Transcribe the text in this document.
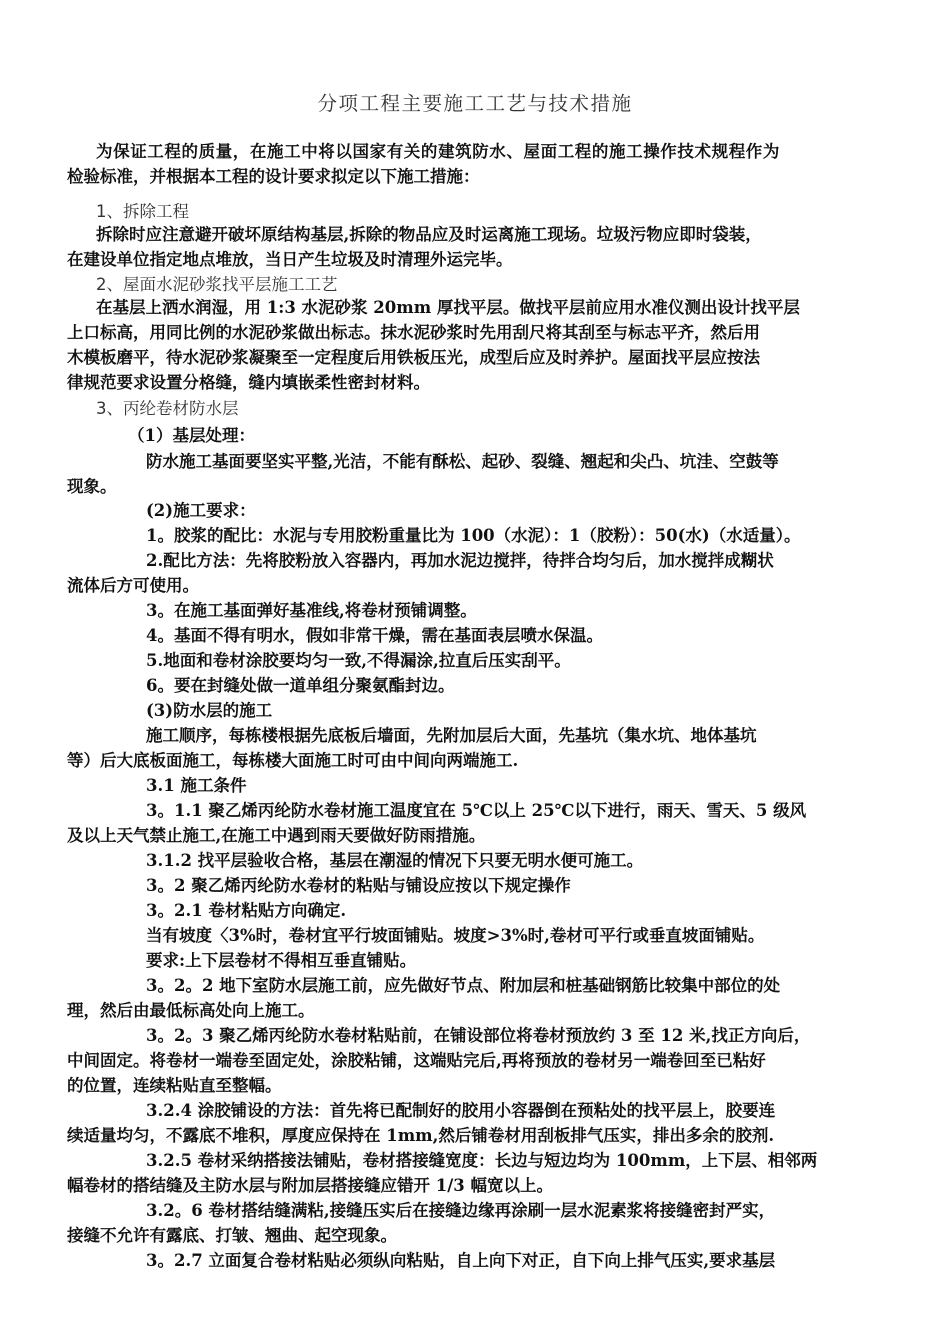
分项工程主要施工工艺与技术措施
为保证工程的质量，在施工中将以国家有关的建筑防水、屋面工程的施工操作技术规程作为
检验标准，并根据本工程的设计要求拟定以下施工措施：
1、拆除工程
拆除时应注意避开破坏原结构基层,拆除的物品应及时运离施工现场。垃圾污物应即时袋装，
在建设单位指定地点堆放，当日产生垃圾及时清理外运完毕。
2、屋面水泥砂浆找平层施工工艺
在基层上洒水润湿，用 1:3 水泥砂浆 20mm 厚找平层。做找平层前应用水准仪测出设计找平层
上口标高，用同比例的水泥砂浆做出标志。抹水泥砂浆时先用刮尺将其刮至与标志平齐，然后用
木模板磨平，待水泥砂浆凝聚至一定程度后用铁板压光，成型后应及时养护。屋面找平层应按法
律规范要求设置分格缝，缝内填嵌柔性密封材料。
3、丙纶卷材防水层
（1）基层处理：
防水施工基面要坚实平整,光洁，不能有酥松、起砂、裂缝、翘起和尖凸、坑洼、空鼓等
现象。
(2)施工要求：
1。胶浆的配比：水泥与专用胶粉重量比为 100（水泥）：1（胶粉）：50(水)（水适量）。
2.配比方法：先将胶粉放入容器内，再加水泥边搅拌，待拌合均匀后，加水搅拌成糊状
流体后方可使用。
3。在施工基面弹好基准线,将卷材预铺调整。
4。基面不得有明水，假如非常干燥，需在基面表层喷水保温。
5.地面和卷材涂胶要均匀一致,不得漏涂,拉直后压实刮平。
6。要在封缝处做一道单组分聚氨酯封边。
(3)防水层的施工
施工顺序，每栋楼根据先底板后墙面，先附加层后大面，先基坑（集水坑、地体基坑
等）后大底板面施工，每栋楼大面施工时可由中间向两端施工.
3.1 施工条件
3。1.1 聚乙烯丙纶防水卷材施工温度宜在 5℃以上 25℃以下进行，雨天、雪天、5 级风
及以上天气禁止施工,在施工中遇到雨天要做好防雨措施。
3.1.2 找平层验收合格，基层在潮湿的情况下只要无明水便可施工。
3。2 聚乙烯丙纶防水卷材的粘贴与铺设应按以下规定操作
3。2.1 卷材粘贴方向确定.
当有坡度〈3%时，卷材宜平行坡面铺贴。坡度>3%时,卷材可平行或垂直坡面铺贴。
要求:上下层卷材不得相互垂直铺贴。
3。2。2 地下室防水层施工前，应先做好节点、附加层和桩基础钢筋比较集中部位的处
理，然后由最低标高处向上施工。
3。2。3 聚乙烯丙纶防水卷材粘贴前，在铺设部位将卷材预放约 3 至 12 米,找正方向后，
中间固定。将卷材一端卷至固定处，涂胶粘铺，这端贴完后,再将预放的卷材另一端卷回至已粘好
的位置，连续粘贴直至整幅。
3.2.4 涂胶铺设的方法：首先将已配制好的胶用小容器倒在预粘处的找平层上，胶要连
续适量均匀，不露底不堆积，厚度应保持在 1mm,然后铺卷材用刮板排气压实，排出多余的胶剂.
3.2.5 卷材采纳搭接法铺贴，卷材搭接缝宽度：长边与短边均为 100mm，上下层、相邻两
幅卷材的搭结缝及主防水层与附加层搭接缝应错开 1/3 幅宽以上。
3.2。6 卷材搭结缝满粘,接缝压实后在接缝边缘再涂刷一层水泥素浆将接缝密封严实，
接缝不允许有露底、打皱、翘曲、起空现象。
3。2.7 立面复合卷材粘贴必须纵向粘贴，自上向下对正，自下向上排气压实,要求基层
